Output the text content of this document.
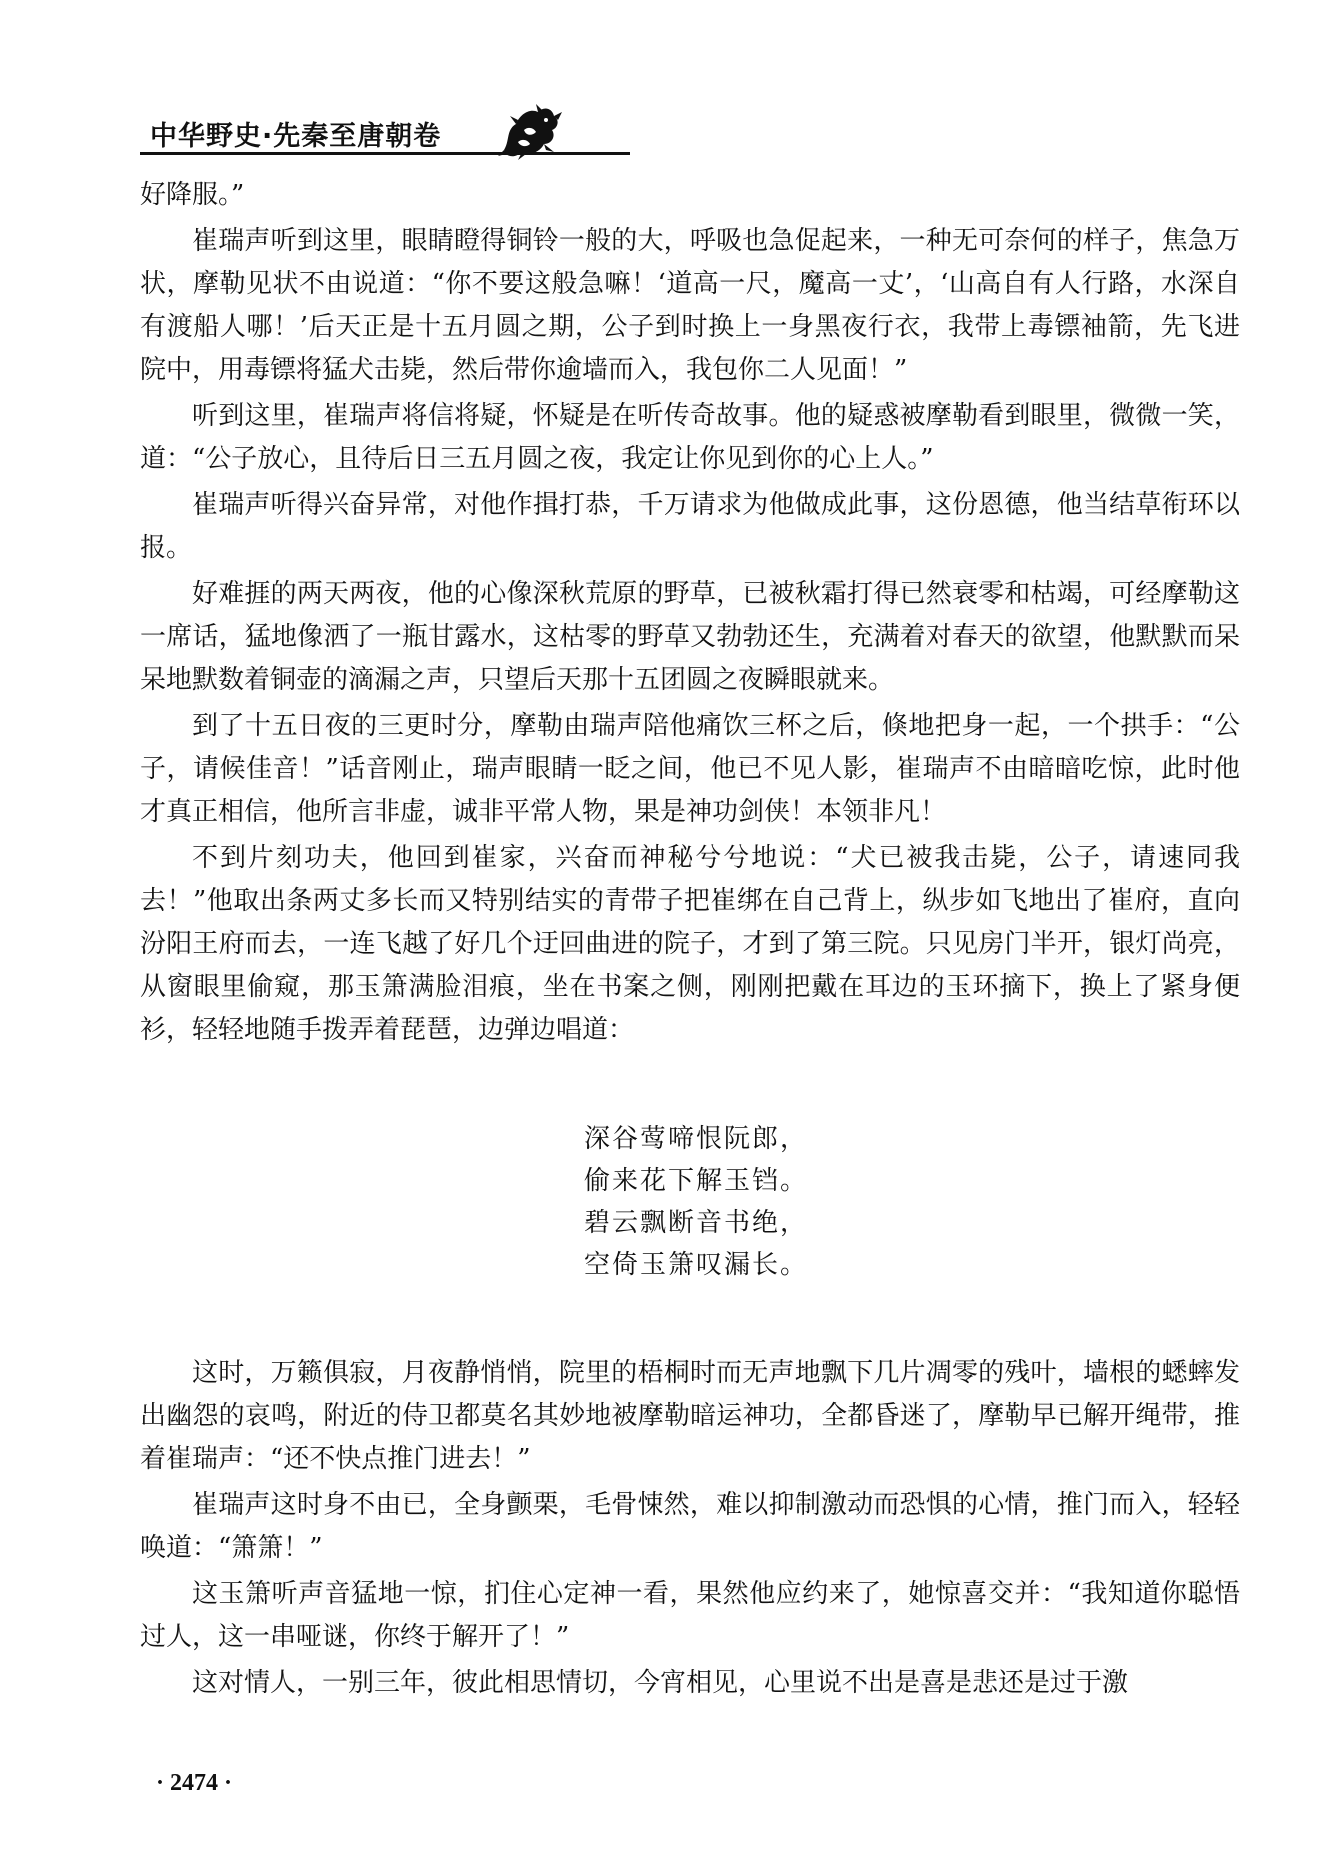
中华野史·先秦至唐朝卷

好降服。”

崔瑞声听到这里，眼睛瞪得铜铃一般的大，呼吸也急促起来，一种无可奈何的样子，焦急万状，摩勒见状不由说道：“你不要这般急嘛！‘道高一尺，魔高一丈’，‘山高自有人行路，水深自有渡船人哪！’后天正是十五月圆之期，公子到时换上一身黑夜行衣，我带上毒镖袖箭，先飞进院中，用毒镖将猛犬击毙，然后带你逾墙而入，我包你二人见面！”

听到这里，崔瑞声将信将疑，怀疑是在听传奇故事。他的疑惑被摩勒看到眼里，微微一笑，道：“公子放心，且待后日三五月圆之夜，我定让你见到你的心上人。”

崔瑞声听得兴奋异常，对他作揖打恭，千万请求为他做成此事，这份恩德，他当结草衔环以报。

好难捱的两天两夜，他的心像深秋荒原的野草，已被秋霜打得已然衰零和枯竭，可经摩勒这一席话，猛地像洒了一瓶甘露水，这枯零的野草又勃勃还生，充满着对春天的欲望，他默默而呆呆地默数着铜壶的滴漏之声，只望后天那十五团圆之夜瞬眼就来。

到了十五日夜的三更时分，摩勒由瑞声陪他痛饮三杯之后，倏地把身一起，一个拱手：“公子，请候佳音！”话音刚止，瑞声眼睛一眨之间，他已不见人影，崔瑞声不由暗暗吃惊，此时他才真正相信，他所言非虚，诚非平常人物，果是神功剑侠！本领非凡！

不到片刻功夫，他回到崔家，兴奋而神秘兮兮地说：“犬已被我击毙，公子，请速同我去！”他取出条两丈多长而又特别结实的青带子把崔绑在自己背上，纵步如飞地出了崔府，直向汾阳王府而去，一连飞越了好几个迂回曲进的院子，才到了第三院。只见房门半开，银灯尚亮，从窗眼里偷窥，那玉箫满脸泪痕，坐在书案之侧，刚刚把戴在耳边的玉环摘下，换上了紧身便衫，轻轻地随手拨弄着琵琶，边弹边唱道：

深谷莺啼恨阮郎，
偷来花下解玉铛。
碧云飘断音书绝，
空倚玉箫叹漏长。

这时，万籁俱寂，月夜静悄悄，院里的梧桐时而无声地飘下几片凋零的残叶，墙根的蟋蟀发出幽怨的哀鸣，附近的侍卫都莫名其妙地被摩勒暗运神功，全都昏迷了，摩勒早已解开绳带，推着崔瑞声：“还不快点推门进去！”

崔瑞声这时身不由已，全身颤栗，毛骨悚然，难以抑制激动而恐惧的心情，推门而入，轻轻唤道：“箫箫！”

这玉箫听声音猛地一惊，扪住心定神一看，果然他应约来了，她惊喜交并：“我知道你聪悟过人，这一串哑谜，你终于解开了！”

这对情人，一别三年，彼此相思情切，今宵相见，心里说不出是喜是悲还是过于激

· 2474 ·
